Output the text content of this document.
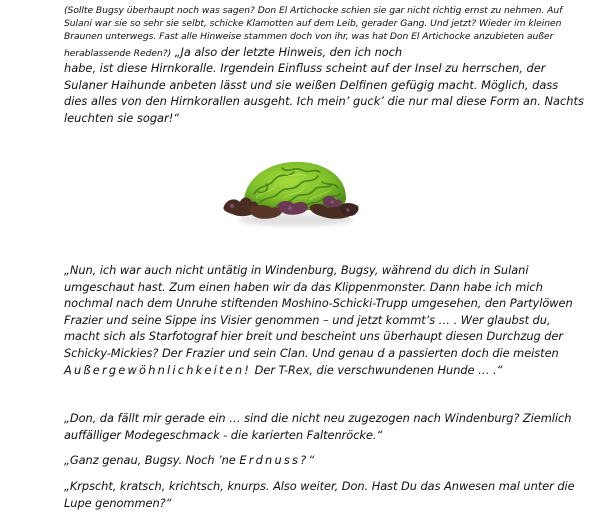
(Sollte Bugsy überhaupt noch was sagen? Don El Artichocke schien sie gar nicht richtig ernst zu nehmen. Auf Sulani war sie so sehr sie selbt, schicke Klamotten auf dem Leib, gerader Gang. Und jetzt? Wieder im kleinen Braunen unterwegs. Fast alle Hinweise stammen doch von ihr, was hat Don El Artichocke anzubieten außer herablassende Reden?) „Ja also der letzte Hinweis, den ich noch

habe, ist diese Hirnkoralle. Irgendein Einfluss scheint auf der Insel zu herrschen, der Sulaner Haihunde anbeten lässt und sie weißen Delfinen gefügig macht. Möglich, dass dies alles von den Hirnkorallen ausgeht. Ich mein’ guck’ die nur mal diese Form an. Nachts leuchten sie sogar!“

„Nun, ich war auch nicht untätig in Windenburg, Bugsy, während du dich in Sulani umgeschaut hast. Zum einen haben wir da das Klippenmonster. Dann habe ich mich nochmal nach dem Unruhe stiftenden Moshino-Schicki-Trupp umgesehen, den Partylöwen Frazier und seine Sippe ins Visier genommen – und jetzt kommt’s … . Wer glaubst du, macht sich als Starfotograf hier breit und bescheint uns überhaupt diesen Durchzug der Schicky-Mickies? Der Frazier und sein Clan. Und genau d a passierten doch die meisten Außergewöhnlichkeiten! Der T-Rex, die verschwundenen Hunde … .“

„Don, da fällt mir gerade ein … sind die nicht neu zugezogen nach Windenburg? Ziemlich auffälliger Modegeschmack - die karierten Faltenröcke.“

„Ganz genau, Bugsy. Noch ’ne Erdnuss?“

„Krpscht, kratsch, krichtsch, knurps. Also weiter, Don. Hast Du das Anwesen mal unter die Lupe genommen?“
